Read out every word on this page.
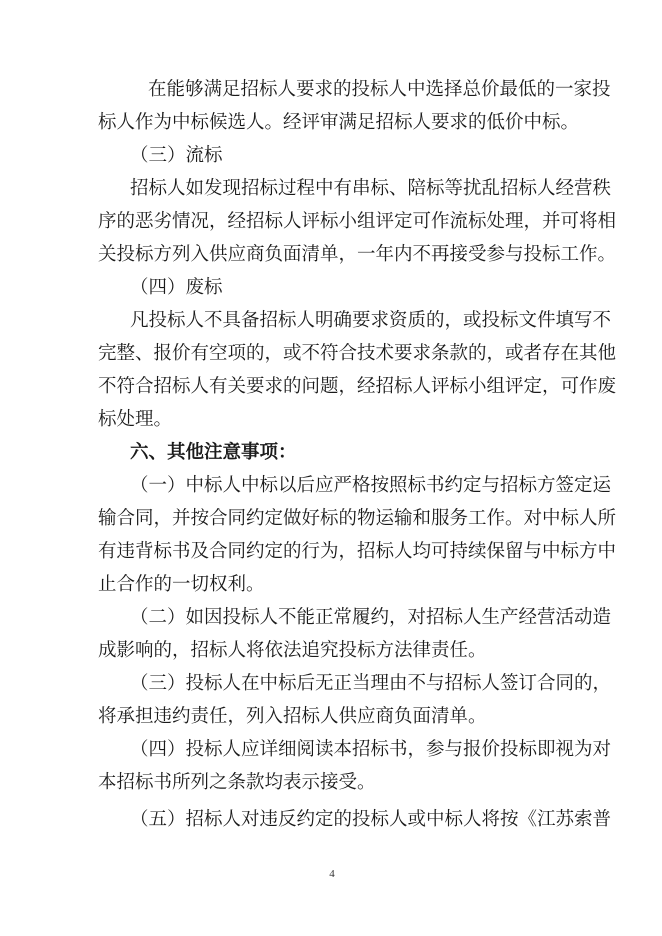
在能够满足招标人要求的投标人中选择总价最低的一家投
标人作为中标候选人。经评审满足招标人要求的低价中标。
（三）流标
招标人如发现招标过程中有串标、陪标等扰乱招标人经营秩
序的恶劣情况，经招标人评标小组评定可作流标处理，并可将相
关投标方列入供应商负面清单，一年内不再接受参与投标工作。
（四）废标
凡投标人不具备招标人明确要求资质的，或投标文件填写不
完整、报价有空项的，或不符合技术要求条款的，或者存在其他
不符合招标人有关要求的问题，经招标人评标小组评定，可作废
标处理。
六、其他注意事项：
（一）中标人中标以后应严格按照标书约定与招标方签定运
输合同，并按合同约定做好标的物运输和服务工作。对中标人所
有违背标书及合同约定的行为，招标人均可持续保留与中标方中
止合作的一切权利。
（二）如因投标人不能正常履约，对招标人生产经营活动造
成影响的，招标人将依法追究投标方法律责任。
（三）投标人在中标后无正当理由不与招标人签订合同的，
将承担违约责任，列入招标人供应商负面清单。
（四）投标人应详细阅读本招标书，参与报价投标即视为对
本招标书所列之条款均表示接受。
（五）招标人对违反约定的投标人或中标人将按《江苏索普
4
